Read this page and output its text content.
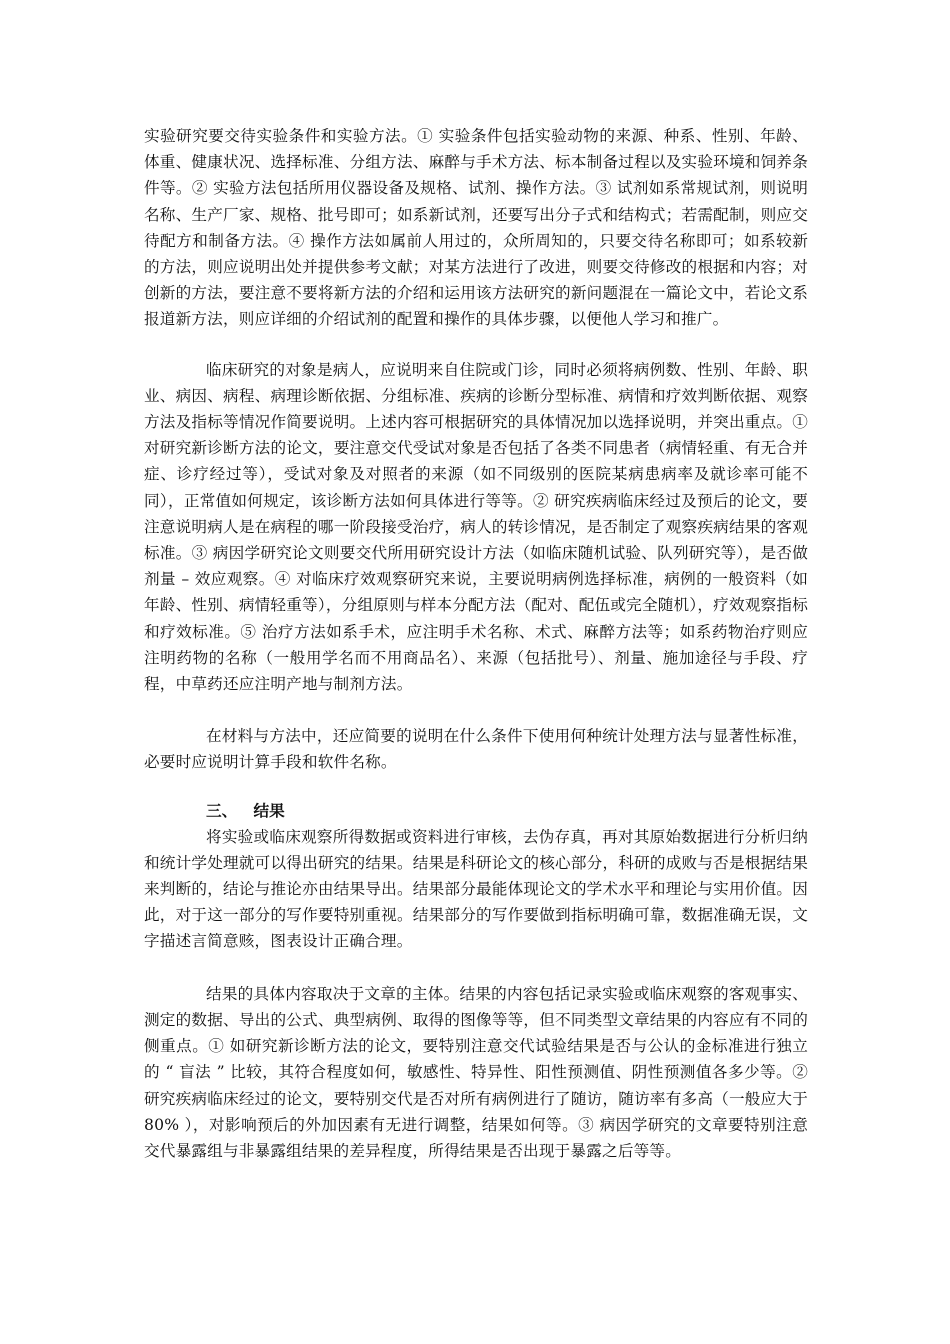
实验研究要交待实验条件和实验方法。① 实验条件包括实验动物的来源、种系、性别、年龄、体重、健康状况、选择标准、分组方法、麻醉与手术方法、标本制备过程以及实验环境和饲养条件等。② 实验方法包括所用仪器设备及规格、试剂、操作方法。③ 试剂如系常规试剂，则说明名称、生产厂家、规格、批号即可；如系新试剂，还要写出分子式和结构式；若需配制，则应交待配方和制备方法。④ 操作方法如属前人用过的，众所周知的，只要交待名称即可；如系较新的方法，则应说明出处并提供参考文献；对某方法进行了改进，则要交待修改的根据和内容；对创新的方法，要注意不要将新方法的介绍和运用该方法研究的新问题混在一篇论文中，若论文系报道新方法，则应详细的介绍试剂的配置和操作的具体步骤，以便他人学习和推广。

临床研究的对象是病人，应说明来自住院或门诊，同时必须将病例数、性别、年龄、职业、病因、病程、病理诊断依据、分组标准、疾病的诊断分型标准、病情和疗效判断依据、观察方法及指标等情况作简要说明。上述内容可根据研究的具体情况加以选择说明，并突出重点。① 对研究新诊断方法的论文，要注意交代受试对象是否包括了各类不同患者（病情轻重、有无合并症、诊疗经过等），受试对象及对照者的来源（如不同级别的医院某病患病率及就诊率可能不同），正常值如何规定，该诊断方法如何具体进行等等。② 研究疾病临床经过及预后的论文，要注意说明病人是在病程的哪一阶段接受治疗，病人的转诊情况，是否制定了观察疾病结果的客观标准。③ 病因学研究论文则要交代所用研究设计方法（如临床随机试验、队列研究等），是否做剂量 – 效应观察。④ 对临床疗效观察研究来说，主要说明病例选择标准，病例的一般资料（如年龄、性别、病情轻重等），分组原则与样本分配方法（配对、配伍或完全随机），疗效观察指标和疗效标准。⑤ 治疗方法如系手术，应注明手术名称、术式、麻醉方法等；如系药物治疗则应注明药物的名称（一般用学名而不用商品名）、来源（包括批号）、剂量、施加途径与手段、疗程，中草药还应注明产地与制剂方法。

在材料与方法中，还应简要的说明在什么条件下使用何种统计处理方法与显著性标准，必要时应说明计算手段和软件名称。

三、 结果

将实验或临床观察所得数据或资料进行审核，去伪存真，再对其原始数据进行分析归纳和统计学处理就可以得出研究的结果。结果是科研论文的核心部分，科研的成败与否是根据结果来判断的，结论与推论亦由结果导出。结果部分最能体现论文的学术水平和理论与实用价值。因此，对于这一部分的写作要特别重视。结果部分的写作要做到指标明确可靠，数据准确无误，文字描述言简意赅，图表设计正确合理。

结果的具体内容取决于文章的主体。结果的内容包括记录实验或临床观察的客观事实、测定的数据、导出的公式、典型病例、取得的图像等等，但不同类型文章结果的内容应有不同的侧重点。① 如研究新诊断方法的论文，要特别注意交代试验结果是否与公认的金标准进行独立的 “ 盲法 ” 比较，其符合程度如何，敏感性、特异性、阳性预测值、阴性预测值各多少等。② 研究疾病临床经过的论文，要特别交代是否对所有病例进行了随访，随访率有多高（一般应大于 80% ），对影响预后的外加因素有无进行调整，结果如何等。③ 病因学研究的文章要特别注意交代暴露组与非暴露组结果的差异程度，所得结果是否出现于暴露之后等等。
